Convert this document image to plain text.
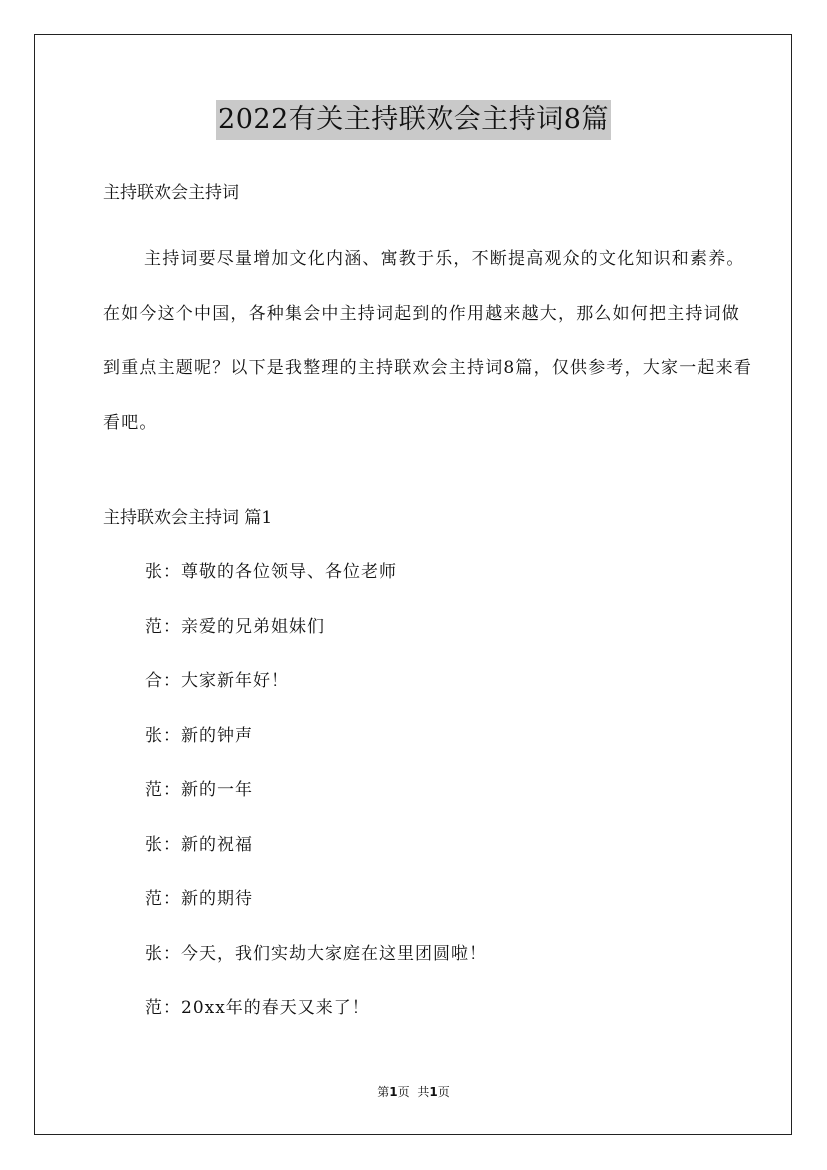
2022有关主持联欢会主持词8篇
主持联欢会主持词

主持词要尽量增加文化内涵、寓教于乐，不断提高观众的文化知识和素养。在如今这个中国，各种集会中主持词起到的作用越来越大，那么如何把主持词做到重点主题呢？以下是我整理的主持联欢会主持词8篇，仅供参考，大家一起来看看吧。

主持联欢会主持词 篇1
张：尊敬的各位领导、各位老师
范：亲爱的兄弟姐妹们
合：大家新年好！
张：新的钟声
范：新的一年
张：新的祝福
范：新的期待
张：今天，我们实劫大家庭在这里团圆啦！
范：20xx年的春天又来了！
第1页 共1页
